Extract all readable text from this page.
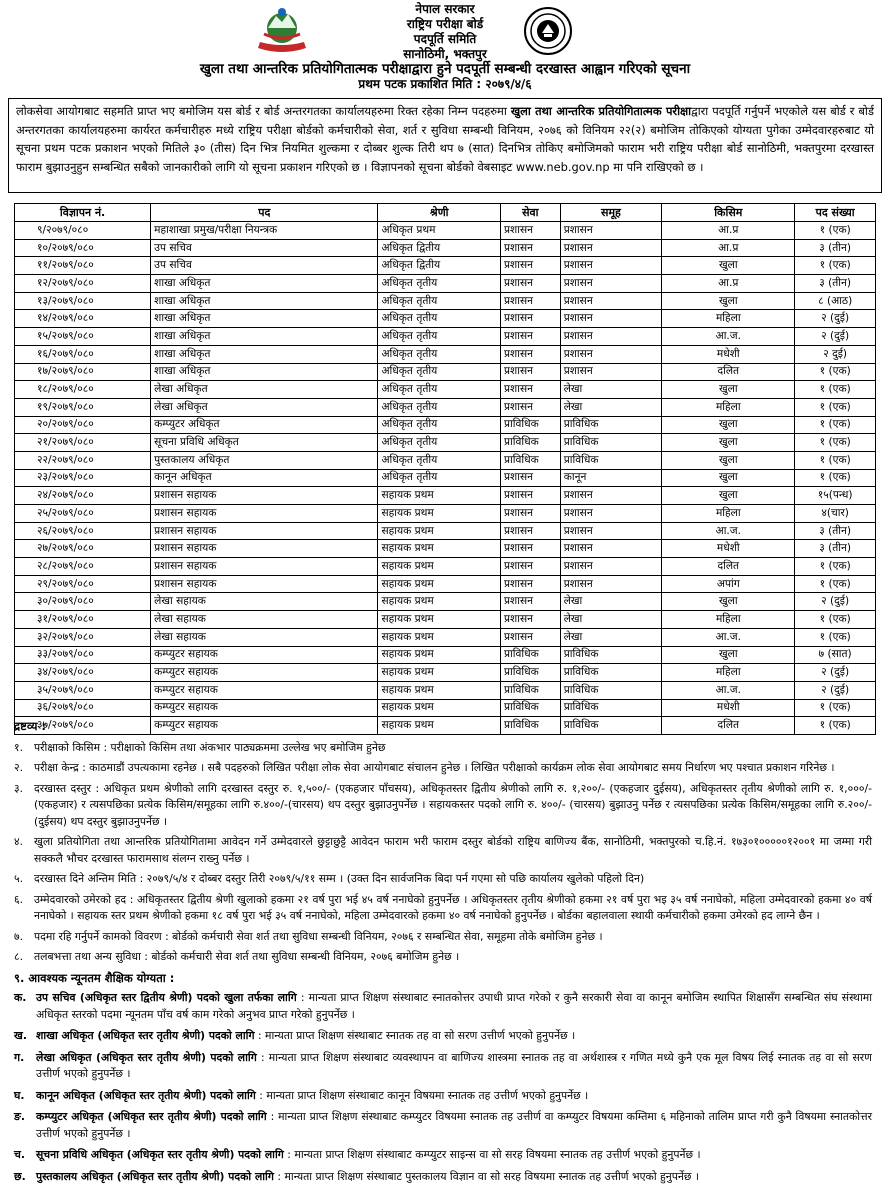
नेपाल सरकार
राष्ट्रिय परीक्षा बोर्ड
पदपूर्ति समिति
सानोठिमी, भक्तपुर
खुला तथा आन्तरिक प्रतियोगितात्मक परीक्षाद्वारा हुने पदपूर्ती सम्बन्धी दरखास्त आह्वान गरिएको सूचना
प्रथम पटक प्रकाशित मिति : २०७९/४/६
लोकसेवा आयोगबाट सहमति प्राप्त भए बमोजिम यस बोर्ड र बोर्ड अन्तरगतका कार्यालयहरुमा रिक्त रहेका निम्न पदहरुमा खुला तथा आन्तरिक प्रतियोगितात्मक परीक्षाद्वारा पदपूर्ति गर्नुपर्ने भएकोले यस बोर्ड र बोर्ड अन्तरगतका कार्यालयहरुमा कार्यरत कर्मचारीहरु मध्ये राष्ट्रिय परीक्षा बोर्डको कर्मचारीको सेवा, शर्त र सुविधा सम्बन्धी विनियम, २०७६ को विनियम २२(२) बमोजिम तोकिएको योग्यता पुगेका उम्मेदवारहरुबाट यो सूचना प्रथम पटक प्रकाशन भएको मितिले ३० (तीस) दिन भित्र नियमित शुल्कमा र दोब्बर शुल्क तिरी थप ७ (सात) दिनभित्र तोकिए बमोजिमको फाराम भरी राष्ट्रिय परीक्षा बोर्ड सानोठिमी, भक्तपुरमा दरखास्त फाराम बुझाउनुहुन सम्बन्धित सबैको जानकारीको लागि यो सूचना प्रकाशन गरिएको छ । विज्ञापनको सूचना बोर्डको वेबसाइट www.neb.gov.np मा पनि राखिएको छ ।
विज्ञापन नं.	पद	श्रेणी	सेवा	समूह	किसिम	पद संख्या
९/२०७९/०८०	महाशाखा प्रमुख/परीक्षा नियन्त्रक	अधिकृत प्रथम	प्रशासन	प्रशासन	आ.प्र	१ (एक)
१०/२०७९/०८०	उप सचिव	अधिकृत द्वितीय	प्रशासन	प्रशासन	आ.प्र	३ (तीन)
११/२०७९/०८०	उप सचिव	अधिकृत द्वितीय	प्रशासन	प्रशासन	खुला	१ (एक)
१२/२०७९/०८०	शाखा अधिकृत	अधिकृत तृतीय	प्रशासन	प्रशासन	आ.प्र	३ (तीन)
१३/२०७९/०८०	शाखा अधिकृत	अधिकृत तृतीय	प्रशासन	प्रशासन	खुला	८ (आठ)
१४/२०७९/०८०	शाखा अधिकृत	अधिकृत तृतीय	प्रशासन	प्रशासन	महिला	२ (दुई)
१५/२०७९/०८०	शाखा अधिकृत	अधिकृत तृतीय	प्रशासन	प्रशासन	आ.ज.	२ (दुई)
१६/२०७९/०८०	शाखा अधिकृत	अधिकृत तृतीय	प्रशासन	प्रशासन	मधेशी	२ दुई)
१७/२०७९/०८०	शाखा अधिकृत	अधिकृत तृतीय	प्रशासन	प्रशासन	दलित	१ (एक)
१८/२०७९/०८०	लेखा अधिकृत	अधिकृत तृतीय	प्रशासन	लेखा	खुला	१ (एक)
१९/२०७९/०८०	लेखा अधिकृत	अधिकृत तृतीय	प्रशासन	लेखा	महिला	१ (एक)
२०/२०७९/०८०	कम्प्युटर अधिकृत	अधिकृत तृतीय	प्राविधिक	प्राविधिक	खुला	१ (एक)
२१/२०७९/०८०	सूचना प्रविधि अधिकृत	अधिकृत तृतीय	प्राविधिक	प्राविधिक	खुला	१ (एक)
२२/२०७९/०८०	पुस्तकालय अधिकृत	अधिकृत तृतीय	प्राविधिक	प्राविधिक	खुला	१ (एक)
२३/२०७९/०८०	कानून अधिकृत	अधिकृत तृतीय	प्रशासन	कानून	खुला	१ (एक)
२४/२०७९/०८०	प्रशासन सहायक	सहायक प्रथम	प्रशासन	प्रशासन	खुला	१५(पन्ध)
२५/२०७९/०८०	प्रशासन सहायक	सहायक प्रथम	प्रशासन	प्रशासन	महिला	४(चार)
२६/२०७९/०८०	प्रशासन सहायक	सहायक प्रथम	प्रशासन	प्रशासन	आ.ज.	३ (तीन)
२७/२०७९/०८०	प्रशासन सहायक	सहायक प्रथम	प्रशासन	प्रशासन	मधेशी	३ (तीन)
२८/२०७९/०८०	प्रशासन सहायक	सहायक प्रथम	प्रशासन	प्रशासन	दलित	१ (एक)
२९/२०७९/०८०	प्रशासन सहायक	सहायक प्रथम	प्रशासन	प्रशासन	अपांग	१ (एक)
३०/२०७९/०८०	लेखा सहायक	सहायक प्रथम	प्रशासन	लेखा	खुला	२ (दुई)
३१/२०७९/०८०	लेखा सहायक	सहायक प्रथम	प्रशासन	लेखा	महिला	१ (एक)
३२/२०७९/०८०	लेखा सहायक	सहायक प्रथम	प्रशासन	लेखा	आ.ज.	१ (एक)
३३/२०७९/०८०	कम्प्युटर सहायक	सहायक प्रथम	प्राविधिक	प्राविधिक	खुला	७ (सात)
३४/२०७९/०८०	कम्प्युटर सहायक	सहायक प्रथम	प्राविधिक	प्राविधिक	महिला	२ (दुई)
३५/२०७९/०८०	कम्प्युटर सहायक	सहायक प्रथम	प्राविधिक	प्राविधिक	आ.ज.	२ (दुई)
३६/२०७९/०८०	कम्प्युटर सहायक	सहायक प्रथम	प्राविधिक	प्राविधिक	मधेशी	१ (एक)
३७/२०७९/०८०	कम्प्युटर सहायक	सहायक प्रथम	प्राविधिक	प्राविधिक	दलित	१ (एक)
द्रष्टव्य :
१.	परीक्षाको किसिम : परीक्षाको किसिम तथा अंकभार पाठ्यक्रममा उल्लेख भए बमोजिम हुनेछ
२.	परीक्षा केन्द्र : काठमाडौं उपत्यकामा रहनेछ । सबै पदहरुको लिखित परीक्षा लोक सेवा आयोगबाट संचालन हुनेछ । लिखित परीक्षाको कार्यक्रम लोक सेवा आयोगबाट समय निर्धारण भए पश्चात प्रकाशन गरिनेछ ।
३.	दरखास्त दस्तुर : अधिकृत प्रथम श्रेणीको लागि दरखास्त दस्तुर रु. १,५००/- (एकहजार पाँचसय), अधिकृतस्तर द्वितीय श्रेणीको लागि रु. १,२००/- (एकहजार दुईसय), अधिकृतस्तर तृतीय श्रेणीको लागि रु. १,०००/- (एकहजार) र त्यसपछिका प्रत्येक किसिम/समूहका लागि रु.४००/-(चारसय) थप दस्तुर बुझाउनुपर्नेछ । सहायकस्तर पदको लागि रु. ४००/- (चारसय) बुझाउनु पर्नेछ र त्यसपछिका प्रत्येक किसिम/समूहका लागि रु.२००/-(दुईसय) थप दस्तुर बुझाउनुपर्नेछ ।
४.	खुला प्रतियोगिता तथा आन्तरिक प्रतियोगितामा आवेदन गर्ने उम्मेदवारले छुट्टाछुट्टै आवेदन फाराम भरी फाराम दस्तुर बोर्डको राष्ट्रिय बाणिज्य बैंक, सानोठिमी, भक्तपुरको च.हि.नं. १७३०१०००००१२००१ मा जम्मा गरी सक्कलै भौचर दरखास्त फारामसाथ संलग्न राख्नु पर्नेछ ।
५.	दरखास्त दिने अन्तिम मिति : २०७९/५/४ र दोब्बर दस्तुर तिरी २०७९/५/११ सम्म । (उक्त दिन सार्वजनिक बिदा पर्न गएमा सो पछि कार्यालय खुलेको पहिलो दिन)
६.	उम्मेदवारको उमेरको हद : अधिकृतस्तर द्वितीय श्रेणी खुलाको हकमा २१ वर्ष पुरा भई ४५ वर्ष ननाघेको हुनुपर्नेछ । अधिकृतस्तर तृतीय श्रेणीको हकमा २१ वर्ष पुरा भइ ३५ वर्ष ननाघेको, महिला उम्मेदवारको हकमा ४० वर्ष ननाघेको । सहायक स्तर प्रथम श्रेणीको हकमा १८ वर्ष पुरा भई ३५ वर्ष ननाघेको, महिला उम्मेदवारको हकमा ४० वर्ष ननाघेको हुनुपर्नेछ । बोर्डका बहालवाला स्थायी कर्मचारीको हकमा उमेरको हद लाग्ने छैन ।
७.	पदमा रहि गर्नुपर्ने कामको विवरण : बोर्डको कर्मचारी सेवा शर्त तथा सुविधा सम्बन्धी विनियम, २०७६ र सम्बन्धित सेवा, समूहमा तोके बमोजिम हुनेछ ।
८.	तलबभत्ता तथा अन्य सुविधा : बोर्डको कर्मचारी सेवा शर्त तथा सुविधा सम्बन्धी विनियम, २०७६ बमोजिम हुनेछ ।
९. आवश्यक न्यूनतम शैक्षिक योग्यता :
क. उप सचिव (अधिकृत स्तर द्वितीय श्रेणी) पदको खुला तर्फका लागि : मान्यता प्राप्त शिक्षण संस्थाबाट स्नातकोत्तर उपाधी प्राप्त गरेको र कुनै सरकारी सेवा वा कानून बमोजिम स्थापित शिक्षासँग सम्बन्धित संघ संस्थामा अधिकृत स्तरको पदमा न्यूनतम पाँच वर्ष काम गरेको अनुभव प्राप्त गरेको हुनुपर्नेछ ।
ख. शाखा अधिकृत (अधिकृत स्तर तृतीय श्रेणी) पदको लागि : मान्यता प्राप्त शिक्षण संस्थाबाट स्नातक तह वा सो सरण उत्तीर्ण भएको हुनुपर्नेछ ।
ग.	लेखा अधिकृत (अधिकृत स्तर तृतीय श्रेणी) पदको लागि : मान्यता प्राप्त शिक्षण संस्थाबाट व्यवस्थापन वा बाणिज्य शास्त्रमा स्नातक तह वा अर्थशास्त्र र गणित मध्ये कुनै एक मूल विषय लिई स्नातक तह वा सो सरण उत्तीर्ण भएको हुनुपर्नेछ ।
घ.	कानून अधिकृत (अधिकृत स्तर तृतीय श्रेणी) पदको लागि : मान्यता प्राप्त शिक्षण संस्थाबाट कानून विषयमा स्नातक तह उत्तीर्ण भएको हुनुपर्नेछ ।
ङ.	कम्प्युटर अधिकृत (अधिकृत स्तर तृतीय श्रेणी) पदको लागि : मान्यता प्राप्त शिक्षण संस्थाबाट कम्प्युटर विषयमा स्नातक तह उत्तीर्ण वा कम्प्युटर विषयमा कम्तिमा ६ महिनाको तालिम प्राप्त गरी कुनै विषयमा स्नातकोत्तर उत्तीर्ण भएको हुनुपर्नेछ ।
च.	सूचना प्रविधि अधिकृत (अधिकृत स्तर तृतीय श्रेणी) पदको लागि : मान्यता प्राप्त शिक्षण संस्थाबाट कम्प्युटर साइन्स वा सो सरह विषयमा स्नातक तह उत्तीर्ण भएको हुनुपर्नेछ ।
छ. पुस्तकालय अधिकृत (अधिकृत स्तर तृतीय श्रेणी) पदको लागि : मान्यता प्राप्त शिक्षण संस्थाबाट पुस्तकालय विज्ञान वा सो सरह विषयमा स्नातक तह उत्तीर्ण भएको हुनुपर्नेछ ।
